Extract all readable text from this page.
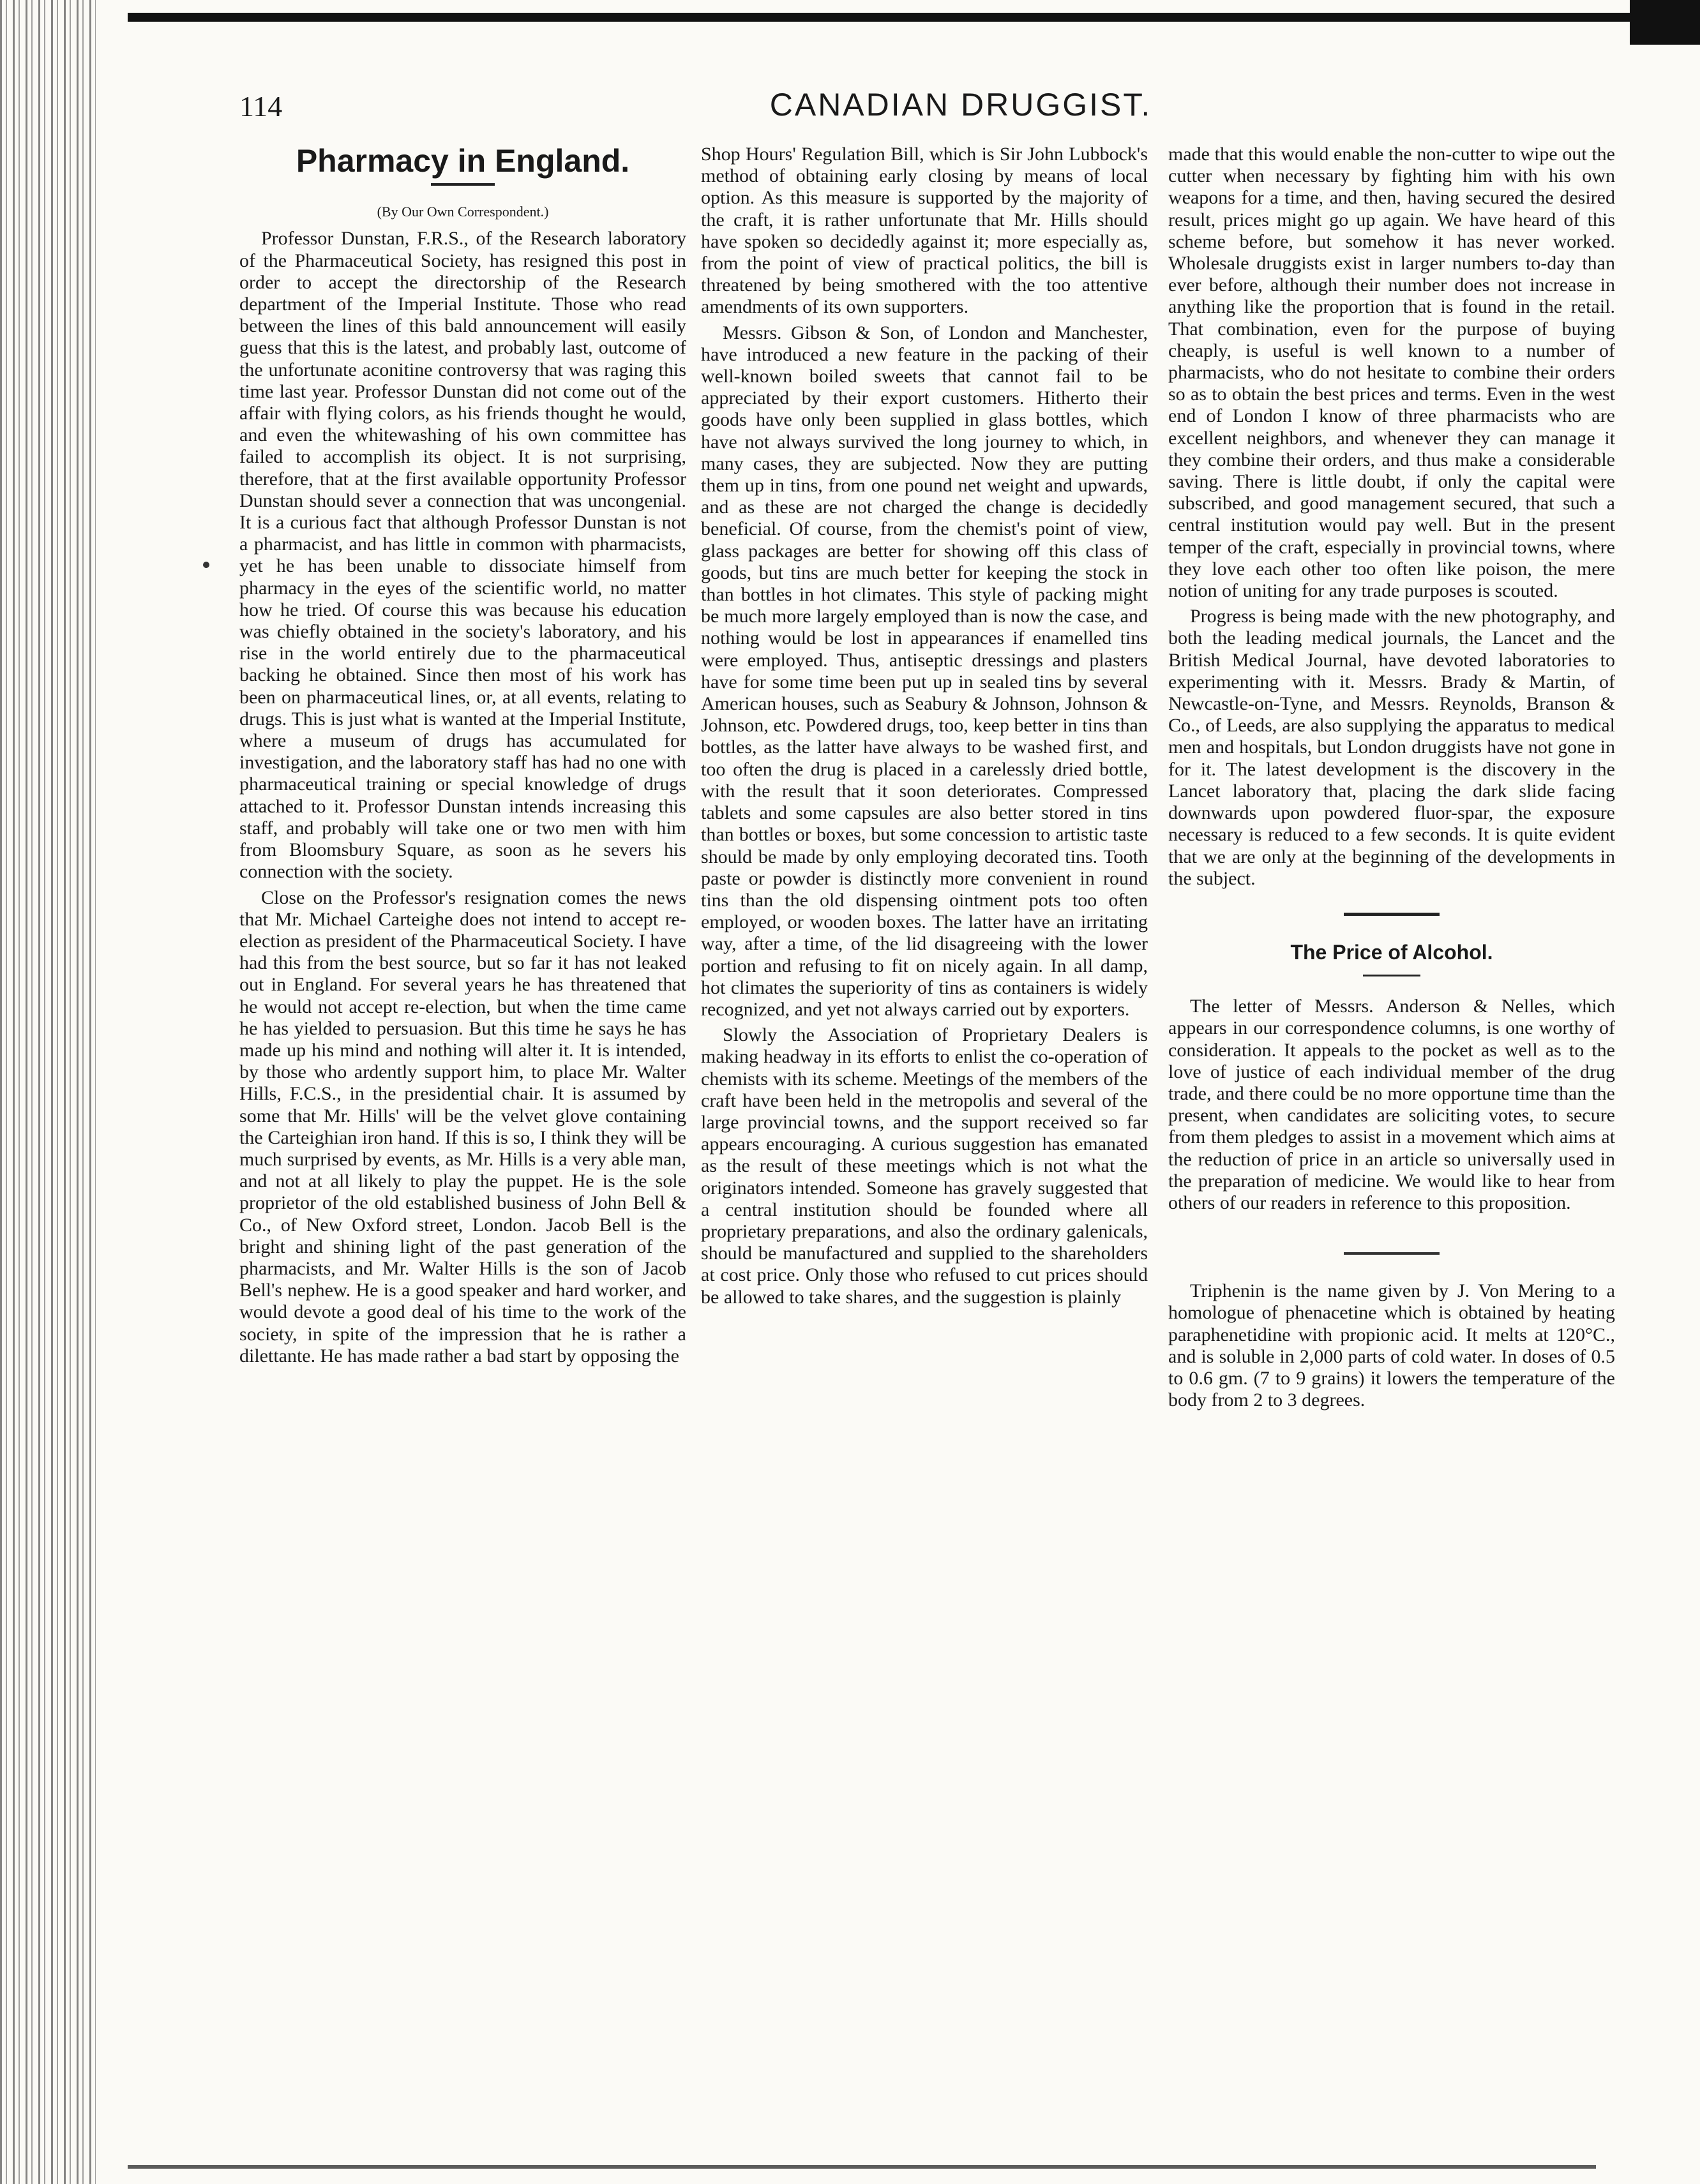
114	CANADIAN DRUGGIST.
Pharmacy in England.
(By Our Own Correspondent.)

Professor Dunstan, F.R.S., of the Research laboratory of the Pharmaceutical Society, has resigned this post in order to accept the directorship of the Research department of the Imperial Institute. Those who read between the lines of this bald announcement will easily guess that this is the latest, and probably last, outcome of the unfortunate aconitine controversy that was raging this time last year. Professor Dunstan did not come out of the affair with flying colors, as his friends thought he would, and even the whitewashing of his own committee has failed to accomplish its object. It is not surprising, therefore, that at the first available opportunity Professor Dunstan should sever a connection that was uncongenial. It is a curious fact that although Professor Dunstan is not a pharmacist, and has little in common with pharmacists, yet he has been unable to dissociate himself from pharmacy in the eyes of the scientific world, no matter how he tried. Of course this was because his education was chiefly obtained in the society's laboratory, and his rise in the world entirely due to the pharmaceutical backing he obtained. Since then most of his work has been on pharmaceutical lines, or, at all events, relating to drugs. This is just what is wanted at the Imperial Institute, where a museum of drugs has accumulated for investigation, and the laboratory staff has had no one with pharmaceutical training or special knowledge of drugs attached to it. Professor Dunstan intends increasing this staff, and probably will take one or two men with him from Bloomsbury Square, as soon as he severs his connection with the society.

Close on the Professor's resignation comes the news that Mr. Michael Carteighe does not intend to accept re-election as president of the Pharmaceutical Society. I have had this from the best source, but so far it has not leaked out in England. For several years he has threatened that he would not accept re-election, but when the time came he has yielded to persuasion. But this time he says he has made up his mind and nothing will alter it. It is intended, by those who ardently support him, to place Mr. Walter Hills, F.C.S., in the presidential chair. It is assumed by some that Mr. Hills' will be the velvet glove containing the Carteighian iron hand. If this is so, I think they will be much surprised by events, as Mr. Hills is a very able man, and not at all likely to play the puppet. He is the sole proprietor of the old established business of John Bell & Co., of New Oxford street, London. Jacob Bell is the bright and shining light of the past generation of the pharmacists, and Mr. Walter Hills is the son of Jacob Bell's nephew. He is a good speaker and hard worker, and would devote a good deal of his time to the work of the society, in spite of the impression that he is rather a dilettante. He has made rather a bad start by opposing the

Shop Hours' Regulation Bill, which is Sir John Lubbock's method of obtaining early closing by means of local option. As this measure is supported by the majority of the craft, it is rather unfortunate that Mr. Hills should have spoken so decidedly against it; more especially as, from the point of view of practical politics, the bill is threatened by being smothered with the too attentive amendments of its own supporters.

Messrs. Gibson & Son, of London and Manchester, have introduced a new feature in the packing of their well-known boiled sweets that cannot fail to be appreciated by their export customers. Hitherto their goods have only been supplied in glass bottles, which have not always survived the long journey to which, in many cases, they are subjected. Now they are putting them up in tins, from one pound net weight and upwards, and as these are not charged the change is decidedly beneficial. Of course, from the chemist's point of view, glass packages are better for showing off this class of goods, but tins are much better for keeping the stock in than bottles in hot climates. This style of packing might be much more largely employed than is now the case, and nothing would be lost in appearances if enamelled tins were employed. Thus, antiseptic dressings and plasters have for some time been put up in sealed tins by several American houses, such as Seabury & Johnson, Johnson & Johnson, etc. Powdered drugs, too, keep better in tins than bottles, as the latter have always to be washed first, and too often the drug is placed in a carelessly dried bottle, with the result that it soon deteriorates. Compressed tablets and some capsules are also better stored in tins than bottles or boxes, but some concession to artistic taste should be made by only employing decorated tins. Tooth paste or powder is distinctly more convenient in round tins than the old dispensing ointment pots too often employed, or wooden boxes. The latter have an irritating way, after a time, of the lid disagreeing with the lower portion and refusing to fit on nicely again. In all damp, hot climates the superiority of tins as containers is widely recognized, and yet not always carried out by exporters.

Slowly the Association of Proprietary Dealers is making headway in its efforts to enlist the co-operation of chemists with its scheme. Meetings of the members of the craft have been held in the metropolis and several of the large provincial towns, and the support received so far appears encouraging. A curious suggestion has emanated as the result of these meetings which is not what the originators intended. Someone has gravely suggested that a central institution should be founded where all proprietary preparations, and also the ordinary galenicals, should be manufactured and supplied to the shareholders at cost price. Only those who refused to cut prices should be allowed to take shares, and the suggestion is plainly

made that this would enable the non-cutter to wipe out the cutter when necessary by fighting him with his own weapons for a time, and then, having secured the desired result, prices might go up again. We have heard of this scheme before, but somehow it has never worked. Wholesale druggists exist in larger numbers to-day than ever before, although their number does not increase in anything like the proportion that is found in the retail. That combination, even for the purpose of buying cheaply, is useful is well known to a number of pharmacists, who do not hesitate to combine their orders so as to obtain the best prices and terms. Even in the west end of London I know of three pharmacists who are excellent neighbors, and whenever they can manage it they combine their orders, and thus make a considerable saving. There is little doubt, if only the capital were subscribed, and good management secured, that such a central institution would pay well. But in the present temper of the craft, especially in provincial towns, where they love each other too often like poison, the mere notion of uniting for any trade purposes is scouted.

Progress is being made with the new photography, and both the leading medical journals, the Lancet and the British Medical Journal, have devoted laboratories to experimenting with it. Messrs. Brady & Martin, of Newcastle-on-Tyne, and Messrs. Reynolds, Branson & Co., of Leeds, are also supplying the apparatus to medical men and hospitals, but London druggists have not gone in for it. The latest development is the discovery in the Lancet laboratory that, placing the dark slide facing downwards upon powdered fluor-spar, the exposure necessary is reduced to a few seconds. It is quite evident that we are only at the beginning of the developments in the subject.

The Price of Alcohol.

The letter of Messrs. Anderson & Nelles, which appears in our correspondence columns, is one worthy of consideration. It appeals to the pocket as well as to the love of justice of each individual member of the drug trade, and there could be no more opportune time than the present, when candidates are soliciting votes, to secure from them pledges to assist in a movement which aims at the reduction of price in an article so universally used in the preparation of medicine. We would like to hear from others of our readers in reference to this proposition.

Triphenin is the name given by J. Von Mering to a homologue of phenacetine which is obtained by heating paraphenetidine with propionic acid. It melts at 120°C., and is soluble in 2,000 parts of cold water. In doses of 0.5 to 0.6 gm. (7 to 9 grains) it lowers the temperature of the body from 2 to 3 degrees.
